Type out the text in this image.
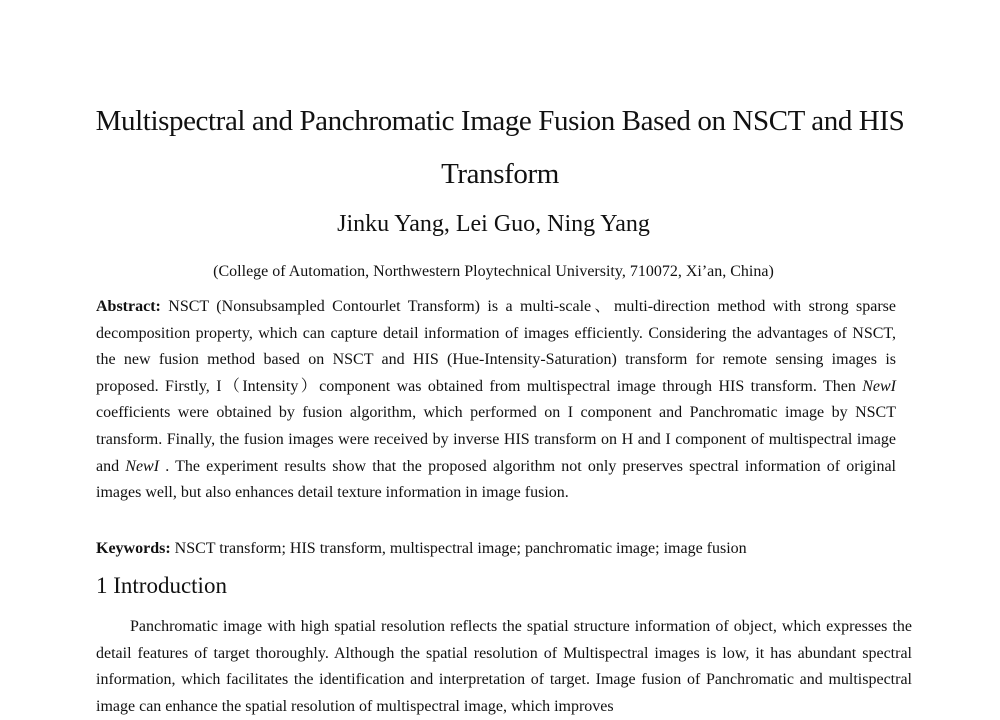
Multispectral and Panchromatic Image Fusion Based on NSCT and HIS
Transform
Jinku Yang, Lei Guo, Ning Yang
(College of Automation, Northwestern Ploytechnical University, 710072, Xi’an, China)

Abstract: NSCT (Nonsubsampled Contourlet Transform) is a multi-scale、multi-direction method with strong sparse decomposition property, which can capture detail information of images efficiently. Considering the advantages of NSCT, the new fusion method based on NSCT and HIS (Hue-Intensity-Saturation) transform for remote sensing images is proposed. Firstly, I（Intensity）component was obtained from multispectral image through HIS transform. Then NewI coefficients were obtained by fusion algorithm, which performed on I component and Panchromatic image by NSCT transform. Finally, the fusion images were received by inverse HIS transform on H and I component of multispectral image and NewI . The experiment results show that the proposed algorithm not only preserves spectral information of original images well, but also enhances detail texture information in image fusion.

Keywords: NSCT transform; HIS transform, multispectral image; panchromatic image; image fusion

1 Introduction

Panchromatic image with high spatial resolution reflects the spatial structure information of object, which expresses the detail features of target thoroughly. Although the spatial resolution of Multispectral images is low, it has abundant spectral information, which facilitates the identification and interpretation of target. Image fusion of Panchromatic and multispectral image can enhance the spatial resolution of multispectral image, which improves
